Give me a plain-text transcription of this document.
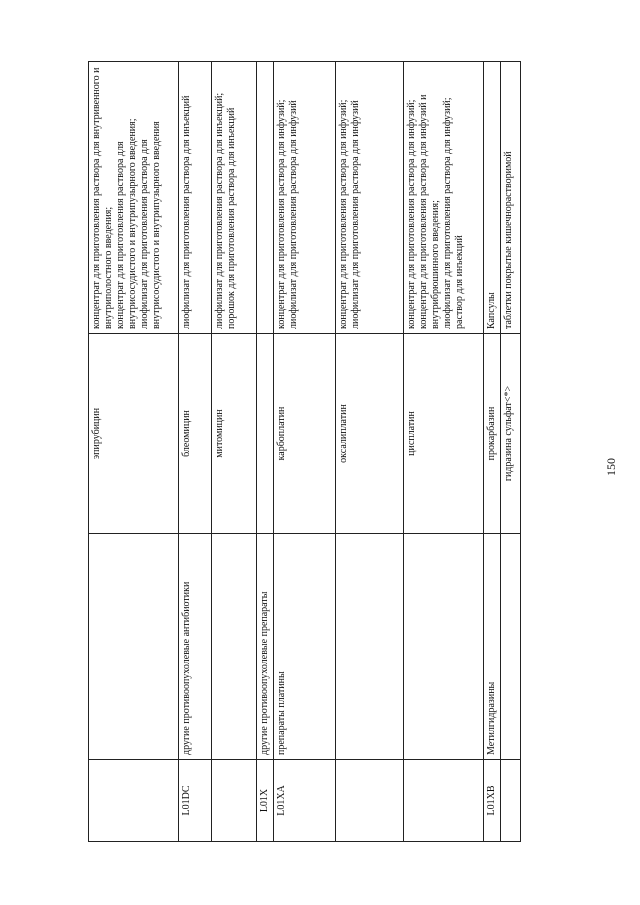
		эпирубицин	концентрат для приготовления раствора для внутривенного и внутриполостного введения; концентрат для приготовления раствора для внутрисосудистого и внутрипузырного введения; лиофилизат для приготовления раствора для внутрисосудистого и внутрипузырного введения

L01DC	другие противоопухолевые антибиотики	блеомицин	лиофилизат для приготовления раствора для инъекций

		митомицин	лиофилизат для приготовления раствора для инъекций; порошок для приготовления раствора для инъекций

L01X	другие противоопухолевые препараты		
L01XA	препараты платины	карбоплатин	концентрат для приготовления раствора для инфузий; лиофилизат для приготовления раствора для инфузий

		оксалиплатин	концентрат для приготовления раствора для инфузий; лиофилизат для приготовления раствора для инфузий

		цисплатин	концентрат для приготовления раствора для инфузий; концентрат для приготовления раствора для инфузий и внутрибрюшинного введения; лиофилизат для приготовления раствора для инфузий; раствор для инъекций

L01XB	Метилгидразины	прокарбазин	Капсулы

		гидразина сульфат<*>	таблетки покрытые кишечнорастворимой
150
